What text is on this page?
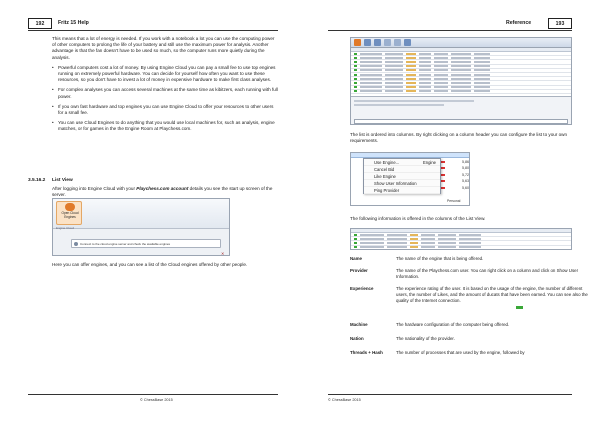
192	Fritz 15 Help

This means that a lot of energy is needed. If you work with a notebook a lot you can use the computing power of other computers to prolong the life of your battery and still use the maximum power for analysis. Another advantage is that the fan doesn't have to be used so much, so the computer runs more quietly during the analysis.

• Powerful computers cost a lot of money. By using Engine Cloud you can pay a small fee to use top engines running on extremely powerful hardware. You can decide for yourself how often you want to use these resources, so you don't have to invest a lot of money in expensive hardware to make first class analyses.
• For complex analyses you can access several machines at the same time as kibitzers, each running with full power.
• If you own fast hardware and top engines you can use Engine Cloud to offer your resources to other users for a small fee.
• You can use Cloud Engines to do anything that you would use local machines for, such as analysis, engine matches, or for games in the the Engine Room at Playchess.com.
3.5.16.2 List View
After logging into Engine Cloud with your Playchess.com account details you see the start up screen of the server.
Open Cloud Engines
Engine Cloud
Connect to the cloud engine server and check the available engines
✕
Here you can offer engines, and you can see a list of the Cloud engines offered by other people.
© ChessBase 2015
Reference	193
The list is ordered into columns. By right clicking on a column header you can configure the list to your own requirements.
5,86
5,80
5,72
5,63
5,60
Personal
Use Engine...	Engine
Cancel Bid
Like Engine
Show User Information
Ping Provider
The following information is offered in the columns of the List View.
Name	The name of the engine that is being offered.
Provider	The name of the Playchess.com user. You can right click on a column and click on Show User Information.
Experience	The experience rating of the user. It is based on the usage of the engine, the number of different users, the number of Likes, and the amount of ducats that have been earned. You can see also the quality of the Internet connection.
Machine	The hardware configuration of the computer being offered.
Nation	The nationality of the provider.
Threads + Hash	The number of processes that are used by the engine, followed by
© ChessBase 2015
